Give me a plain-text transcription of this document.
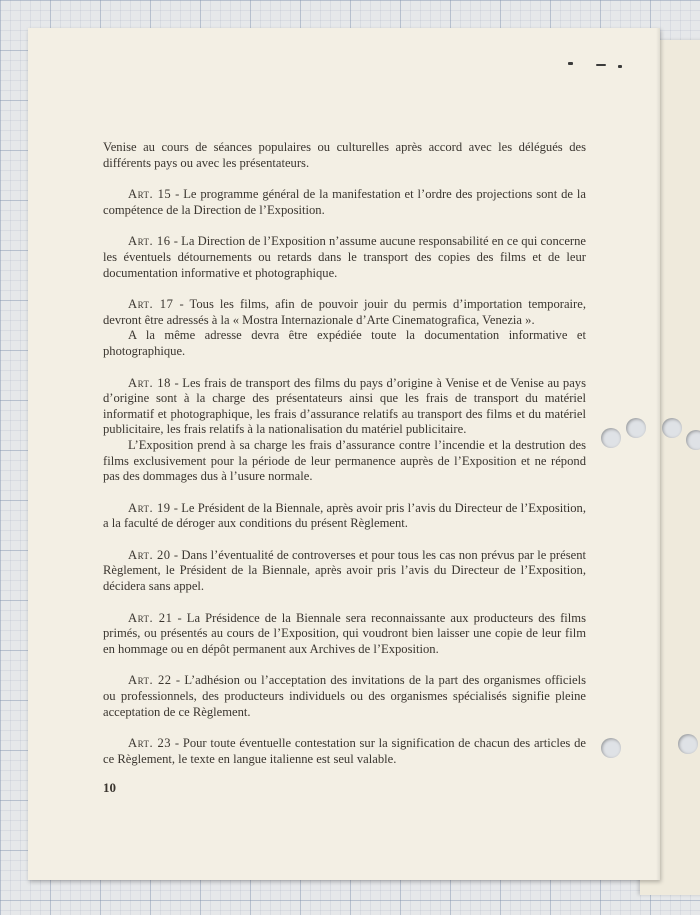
Venise au cours de séances populaires ou culturelles après accord avec les délégués des différents pays ou avec les présentateurs.

Art. 15 - Le programme général de la manifestation et l’ordre des projections sont de la compétence de la Direction de l’Exposition.

Art. 16 - La Direction de l’Exposition n’assume aucune responsabilité en ce qui concerne les éventuels détournements ou retards dans le transport des copies des films et de leur documentation informative et photographique.

Art. 17 - Tous les films, afin de pouvoir jouir du permis d’importation temporaire, devront être adressés à la « Mostra Internazionale d’Arte Cinematografica, Venezia ».

A la même adresse devra être expédiée toute la documentation informative et photographique.

Art. 18 - Les frais de transport des films du pays d’origine à Venise et de Venise au pays d’origine sont à la charge des présentateurs ainsi que les frais de transport du matériel informatif et photographique, les frais d’assurance relatifs au transport des films et du matériel publicitaire, les frais relatifs à la nationalisation du matériel publicitaire.

L’Exposition prend à sa charge les frais d’assurance contre l’incendie et la destrution des films exclusivement pour la période de leur permanence auprès de l’Exposition et ne répond pas des dommages dus à l’usure normale.

Art. 19 - Le Président de la Biennale, après avoir pris l’avis du Directeur de l’Exposition, a la faculté de déroger aux conditions du présent Règlement.

Art. 20 - Dans l’éventualité de controverses et pour tous les cas non prévus par le présent Règlement, le Président de la Biennale, après avoir pris l’avis du Directeur de l’Exposition, décidera sans appel.

Art. 21 - La Présidence de la Biennale sera reconnaissante aux producteurs des films primés, ou présentés au cours de l’Exposition, qui voudront bien laisser une copie de leur film en hommage ou en dépôt permanent aux Archives de l’Exposition.

Art. 22 - L’adhésion ou l’acceptation des invitations de la part des organismes officiels ou professionnels, des producteurs individuels ou des organismes spécialisés signifie pleine acceptation de ce Règlement.

Art. 23 - Pour toute éventuelle contestation sur la signification de chacun des articles de ce Règlement, le texte en langue italienne est seul valable.

10
